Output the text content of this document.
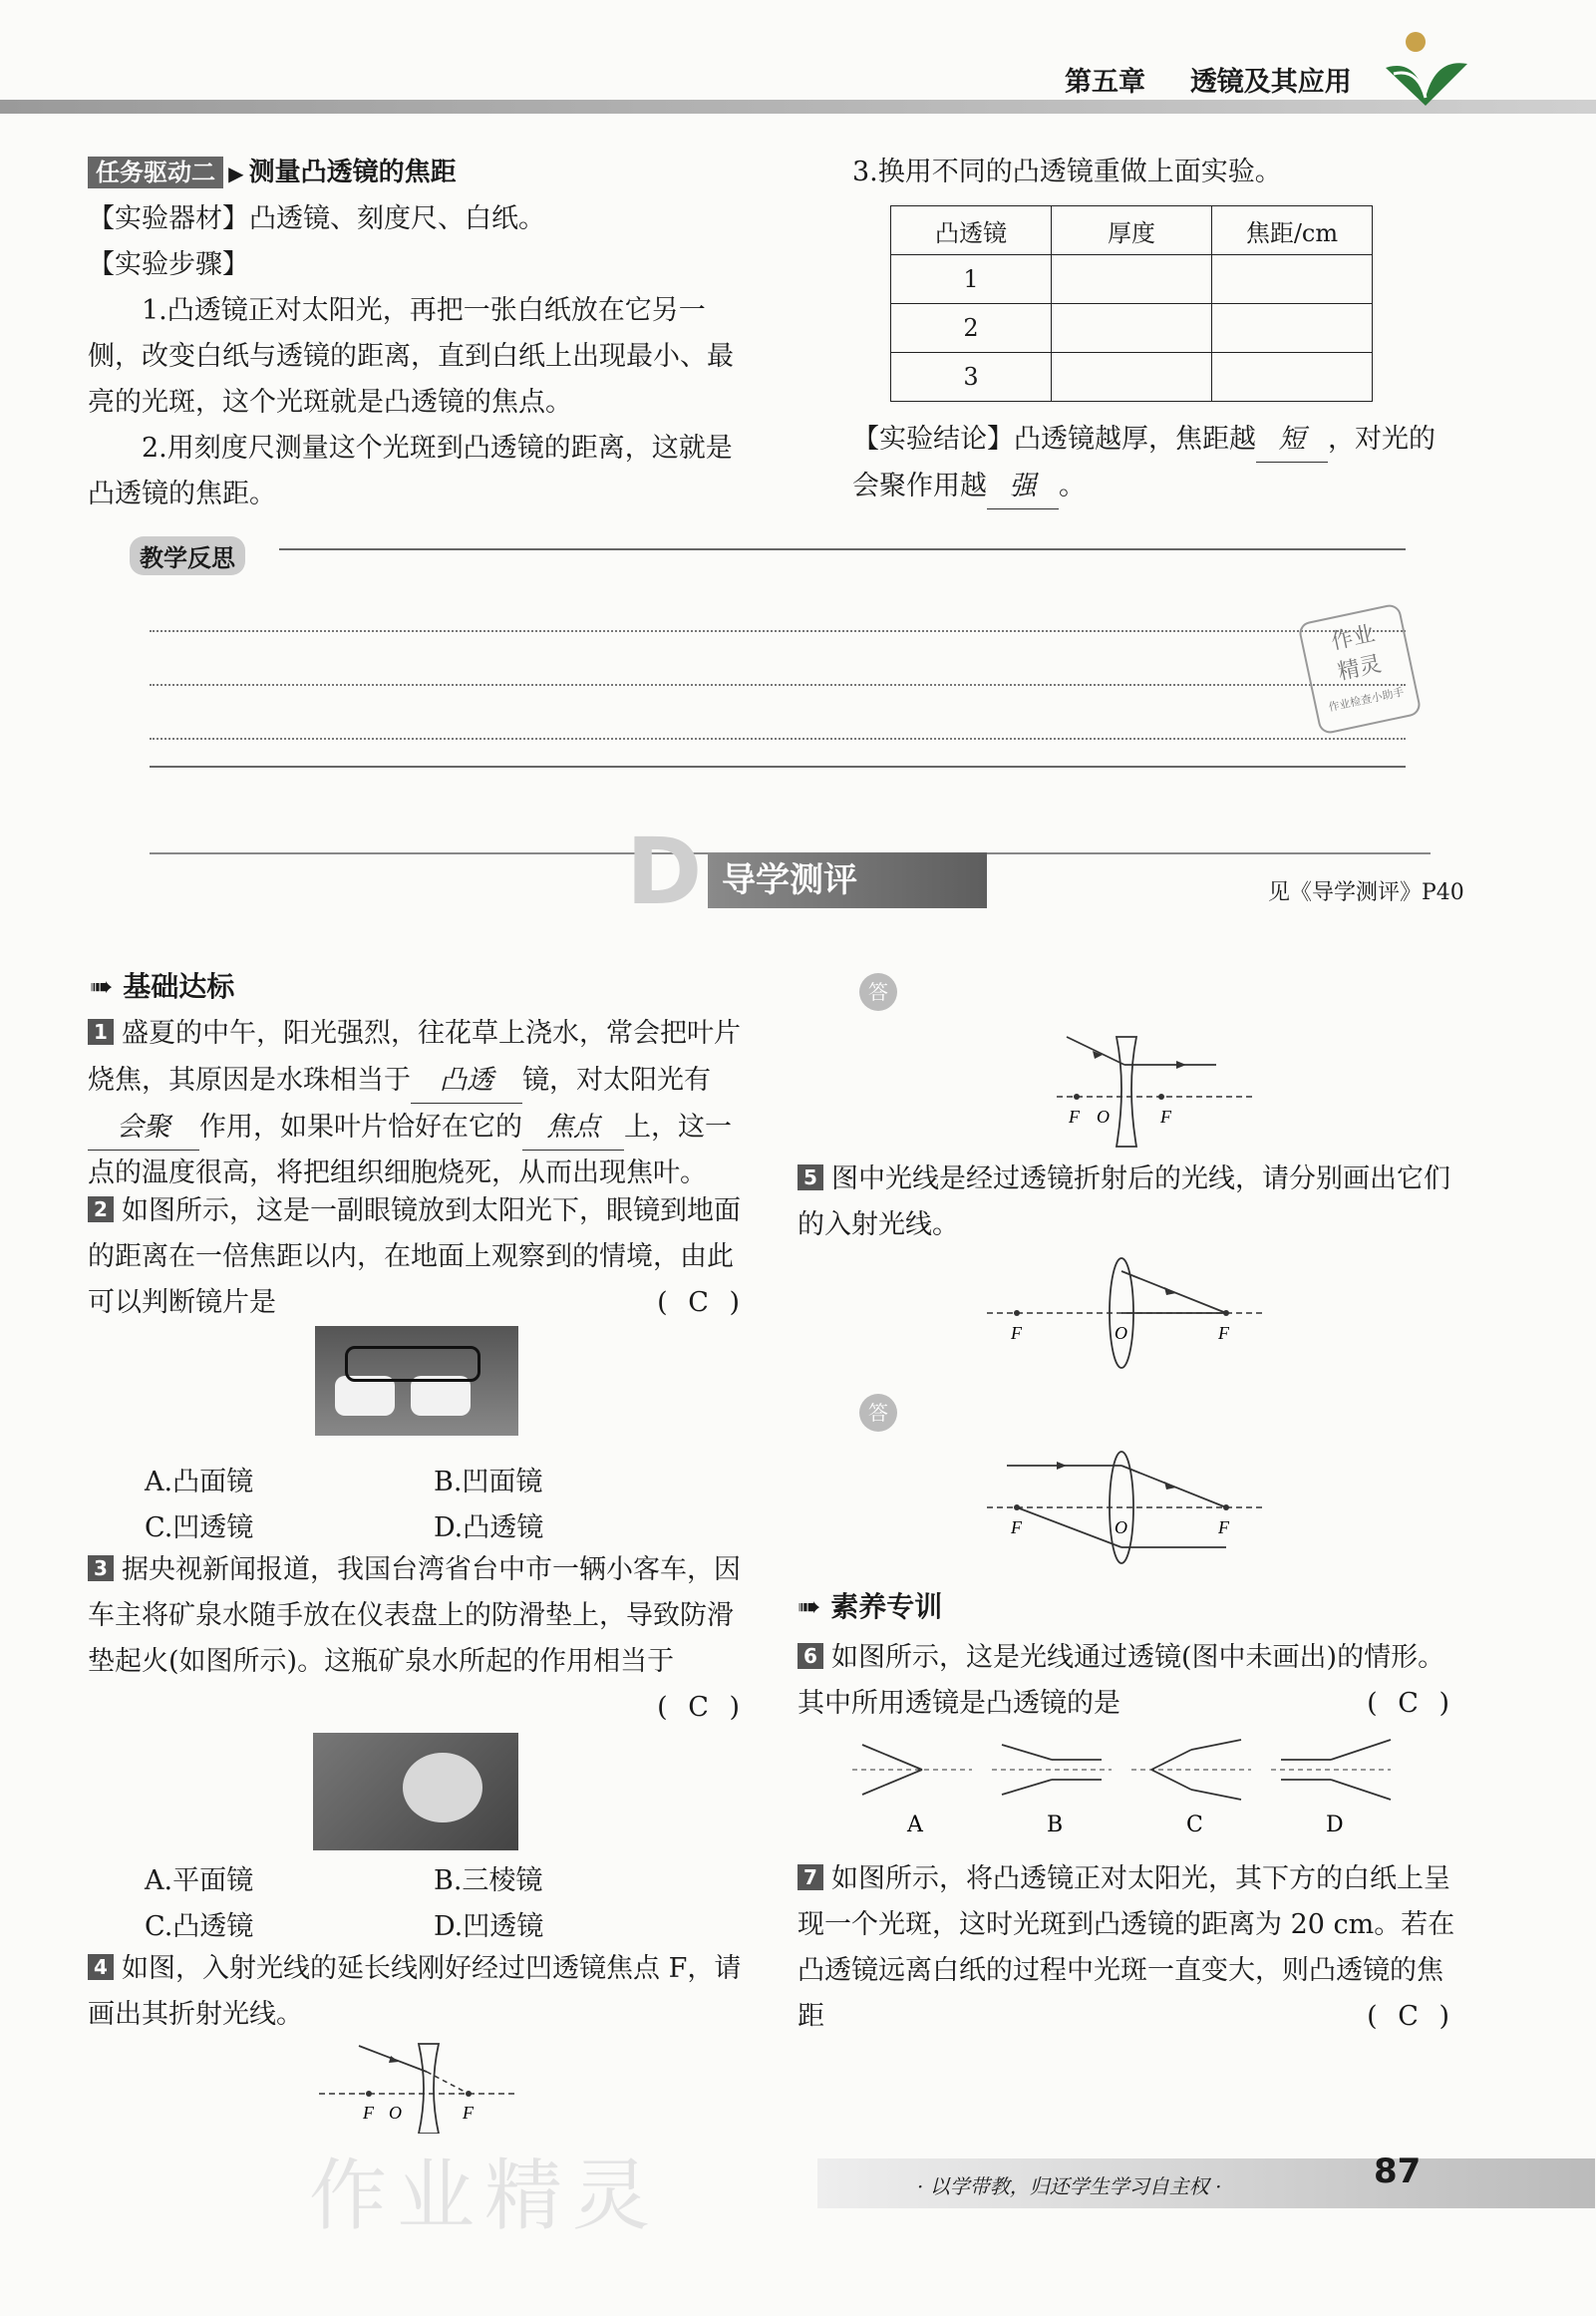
第五章 透镜及其应用
任务驱动二 ▶ 测量凸透镜的焦距
【实验器材】凸透镜、刻度尺、白纸。
【实验步骤】
1.凸透镜正对太阳光，再把一张白纸放在它另一侧，改变白纸与透镜的距离，直到白纸上出现最小、最亮的光斑，这个光斑就是凸透镜的焦点。
2.用刻度尺测量这个光斑到凸透镜的距离，这就是凸透镜的焦距。
3.换用不同的凸透镜重做上面实验。
凸透镜	厚度	焦距/cm
1		
2		
3		
【实验结论】凸透镜越厚，焦距越 短 ，对光的会聚作用越 强 。
教学反思
作业
精灵
作业检查小助手
D 导学测评	见《导学测评》P40
➠ 基础达标
1 盛夏的中午，阳光强烈，往花草上浇水，常会把叶片烧焦，其原因是水珠相当于 凸透 镜，对太阳光有会聚 作用，如果叶片恰好在它的 焦点 上，这一点的温度很高，将把组织细胞烧死，从而出现焦叶。
2 如图所示，这是一副眼镜放到太阳光下，眼镜到地面的距离在一倍焦距以内，在地面上观察到的情境，由此可以判断镜片是	( C )
A.凸面镜	B.凹面镜
C.凹透镜	D.凸透镜
3 据央视新闻报道，我国台湾省台中市一辆小客车，因车主将矿泉水随手放在仪表盘上的防滑垫上，导致防滑垫起火(如图所示)。这瓶矿泉水所起的作用相当于
( C )
A.平面镜	B.三棱镜
C.凸透镜	D.凹透镜
4 如图，入射光线的延长线刚好经过凹透镜焦点 F，请画出其折射光线。
F O	F
答
F O	F
5 图中光线是经过透镜折射后的光线，请分别画出它们的入射光线。
F	O	F
答
F	O	F
➠ 素养专训
6 如图所示，这是光线通过透镜(图中未画出)的情形。其中所用透镜是凸透镜的是	( C )
A	B	C	D
7 如图所示，将凸透镜正对太阳光，其下方的白纸上呈现一个光斑，这时光斑到凸透镜的距离为 20 cm。若在凸透镜远离白纸的过程中光斑一直变大，则凸透镜的焦距	( C )
作业精灵	· 以学带教，归还学生学习自主权 ·	87
